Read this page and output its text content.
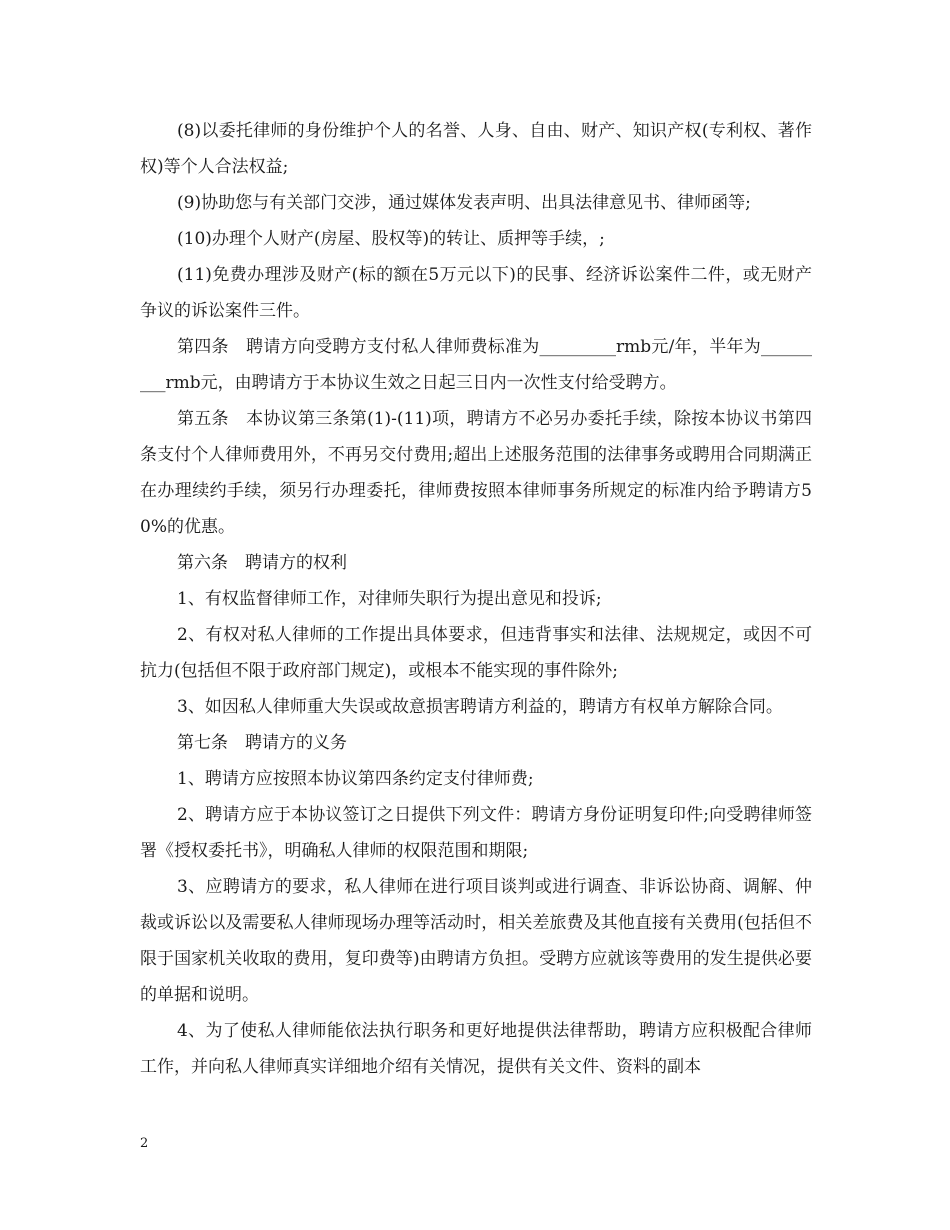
(8)以委托律师的身份维护个人的名誉、人身、自由、财产、知识产权(专利权、著作权)等个人合法权益;

(9)协助您与有关部门交涉，通过媒体发表声明、出具法律意见书、律师函等;

(10)办理个人财产(房屋、股权等)的转让、质押等手续，;

(11)免费办理涉及财产(标的额在5万元以下)的民事、经济诉讼案件二件，或无财产争议的诉讼案件三件。

第四条　聘请方向受聘方支付私人律师费标准为_________rmb元/年，半年为_________rmb元，由聘请方于本协议生效之日起三日内一次性支付给受聘方。

第五条　本协议第三条第(1)-(11)项，聘请方不必另办委托手续，除按本协议书第四条支付个人律师费用外，不再另交付费用;超出上述服务范围的法律事务或聘用合同期满正在办理续约手续，须另行办理委托，律师费按照本律师事务所规定的标准内给予聘请方50%的优惠。

第六条　聘请方的权利

1、有权监督律师工作，对律师失职行为提出意见和投诉;

2、有权对私人律师的工作提出具体要求，但违背事实和法律、法规规定，或因不可抗力(包括但不限于政府部门规定)，或根本不能实现的事件除外;

3、如因私人律师重大失误或故意损害聘请方利益的，聘请方有权单方解除合同。

第七条　聘请方的义务

1、聘请方应按照本协议第四条约定支付律师费;

2、聘请方应于本协议签订之日提供下列文件：聘请方身份证明复印件;向受聘律师签署《授权委托书》，明确私人律师的权限范围和期限;

3、应聘请方的要求，私人律师在进行项目谈判或进行调查、非诉讼协商、调解、仲裁或诉讼以及需要私人律师现场办理等活动时，相关差旅费及其他直接有关费用(包括但不限于国家机关收取的费用，复印费等)由聘请方负担。受聘方应就该等费用的发生提供必要的单据和说明。

4、为了使私人律师能依法执行职务和更好地提供法律帮助，聘请方应积极配合律师工作，并向私人律师真实详细地介绍有关情况，提供有关文件、资料的副本

2
